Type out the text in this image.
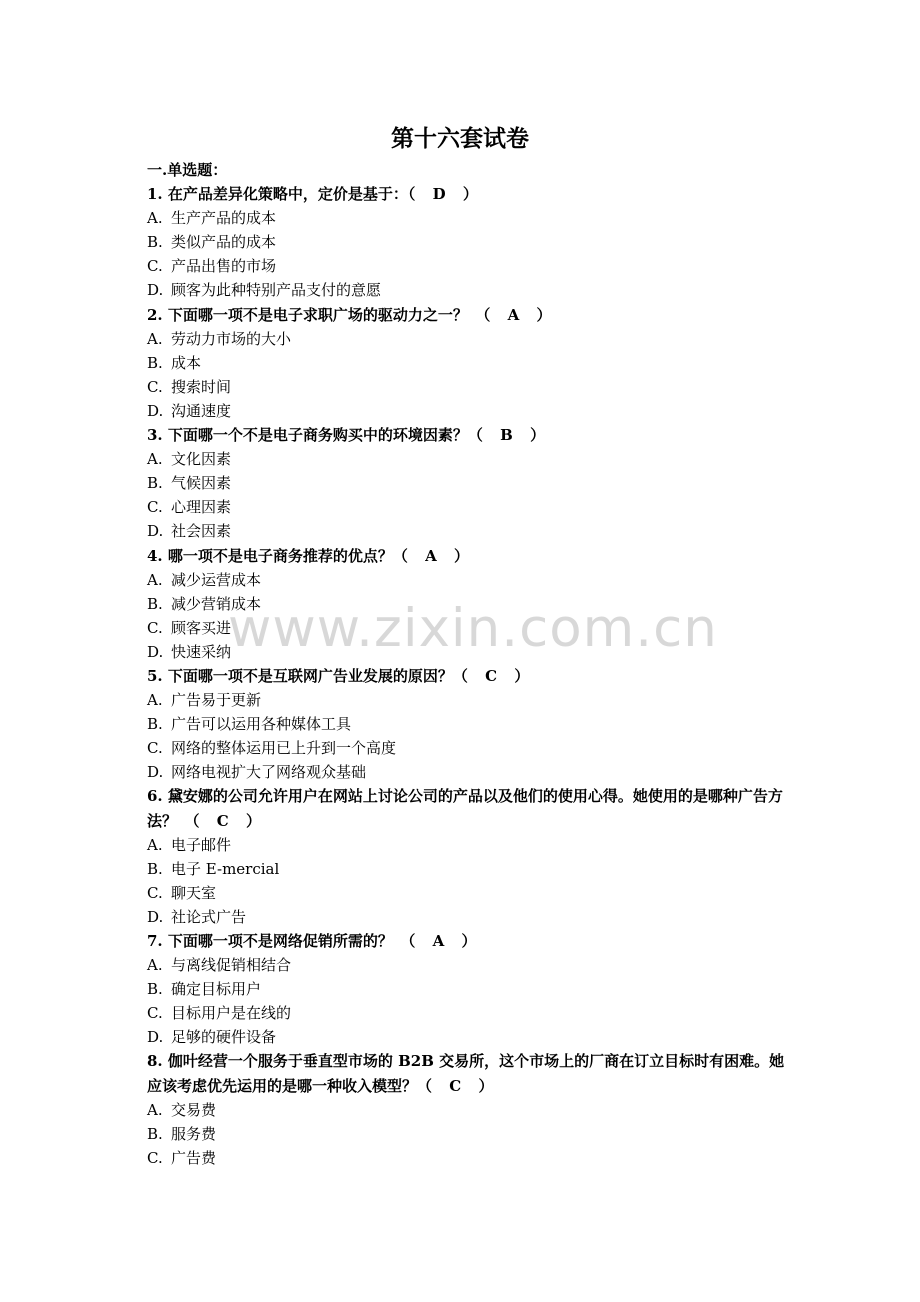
第十六套试卷
一.单选题：
1. 在产品差异化策略中，定价是基于：（ D ）
A. 生产产品的成本
B. 类似产品的成本
C. 产品出售的市场
D. 顾客为此种特别产品支付的意愿
2. 下面哪一项不是电子求职广场的驱动力之一？　（ A ）
A. 劳动力市场的大小
B. 成本
C. 搜索时间
D. 沟通速度
3. 下面哪一个不是电子商务购买中的环境因素？（ B ）
A. 文化因素
B. 气候因素
C. 心理因素
D. 社会因素
4. 哪一项不是电子商务推荐的优点？（ A ）
A. 减少运营成本
B. 减少营销成本
C. 顾客买进
D. 快速采纳
5. 下面哪一项不是互联网广告业发展的原因？（ C ）
A. 广告易于更新
B. 广告可以运用各种媒体工具
C. 网络的整体运用已上升到一个高度
D. 网络电视扩大了网络观众基础
6. 黛安娜的公司允许用户在网站上讨论公司的产品以及他们的使用心得。她使用的是哪种广告方法？　（ C ）
A. 电子邮件
B. 电子 E-mercial
C. 聊天室
D. 社论式广告
7. 下面哪一项不是网络促销所需的？　（ A ）
A. 与离线促销相结合
B. 确定目标用户
C. 目标用户是在线的
D. 足够的硬件设备
8. 伽叶经营一个服务于垂直型市场的 B2B 交易所，这个市场上的厂商在订立目标时有困难。她应该考虑优先运用的是哪一种收入模型？（ C ）
A. 交易费
B. 服务费
C. 广告费
www.zixin.com.cn
